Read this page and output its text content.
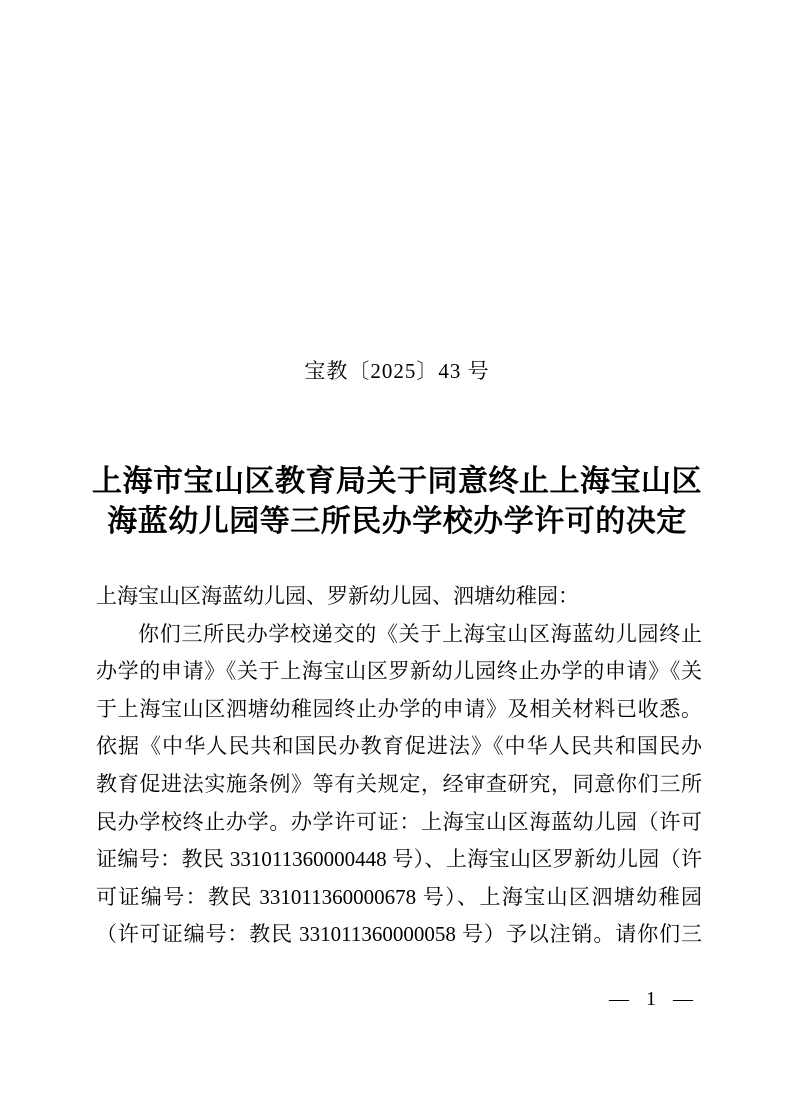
宝教〔2025〕43 号
上海市宝山区教育局关于同意终止上海宝山区
海蓝幼儿园等三所民办学校办学许可的决定
上海宝山区海蓝幼儿园、罗新幼儿园、泗塘幼稚园：
你们三所民办学校递交的《关于上海宝山区海蓝幼儿园终止
办学的申请》《关于上海宝山区罗新幼儿园终止办学的申请》《关
于上海宝山区泗塘幼稚园终止办学的申请》及相关材料已收悉。
依据《中华人民共和国民办教育促进法》《中华人民共和国民办
教育促进法实施条例》等有关规定，经审查研究，同意你们三所
民办学校终止办学。办学许可证：上海宝山区海蓝幼儿园（许可
证编号：教民 331011360000448 号）、上海宝山区罗新幼儿园（许
可证编号：教民 331011360000678 号）、上海宝山区泗塘幼稚园
（许可证编号：教民 331011360000058 号）予以注销。请你们三
— 1 —
